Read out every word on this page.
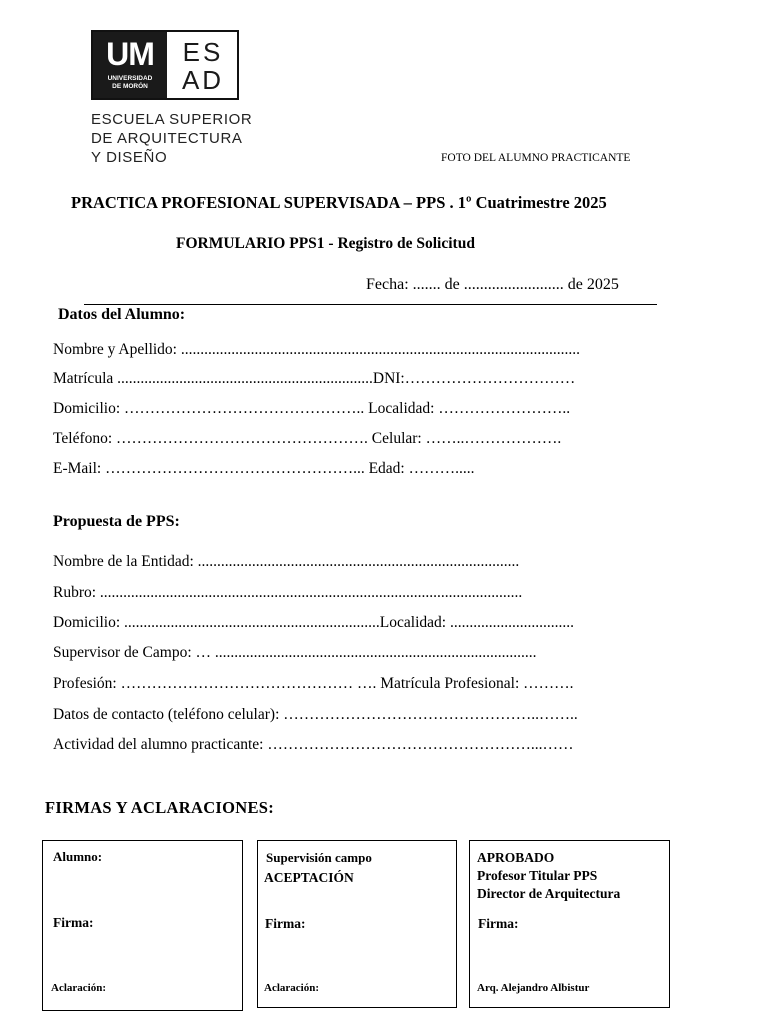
UM
UNIVERSIDAD
DE MORÓN
ES
AD
ESCUELA SUPERIOR
DE ARQUITECTURA
Y DISEÑO	FOTO DEL ALUMNO PRACTICANTE
PRACTICA PROFESIONAL SUPERVISADA – PPS . 1º Cuatrimestre 2025
FORMULARIO PPS1 - Registro de Solicitud
Fecha: ....... de ......................... de 2025
Datos del Alumno:
Nombre y Apellido: .......................................................................................................
Matrícula ..................................................................DNI:……………………………
Domicilio: ……………………………………….. Localidad: ……………………..
Teléfono: …………………………………………. Celular: ……..……………….
E-Mail: …………………………………………... Edad: ……….....
Propuesta de PPS:
Nombre de la Entidad: ...................................................................................
Rubro: .............................................................................................................
Domicilio: ..................................................................Localidad: ................................
Supervisor de Campo: … ...................................................................................
Profesión: ……………………………………… …. Matrícula Profesional: ……….
Datos de contacto (teléfono celular): …………………………………………..……..
Actividad del alumno practicante: ……………………………………………...……
FIRMAS Y ACLARACIONES:
Alumno:
Firma:
Aclaración:
Supervisión campo
ACEPTACIÓN
Firma:
Aclaración:
APROBADO
Profesor Titular PPS
Director de Arquitectura
Firma:
Arq. Alejandro Albistur
